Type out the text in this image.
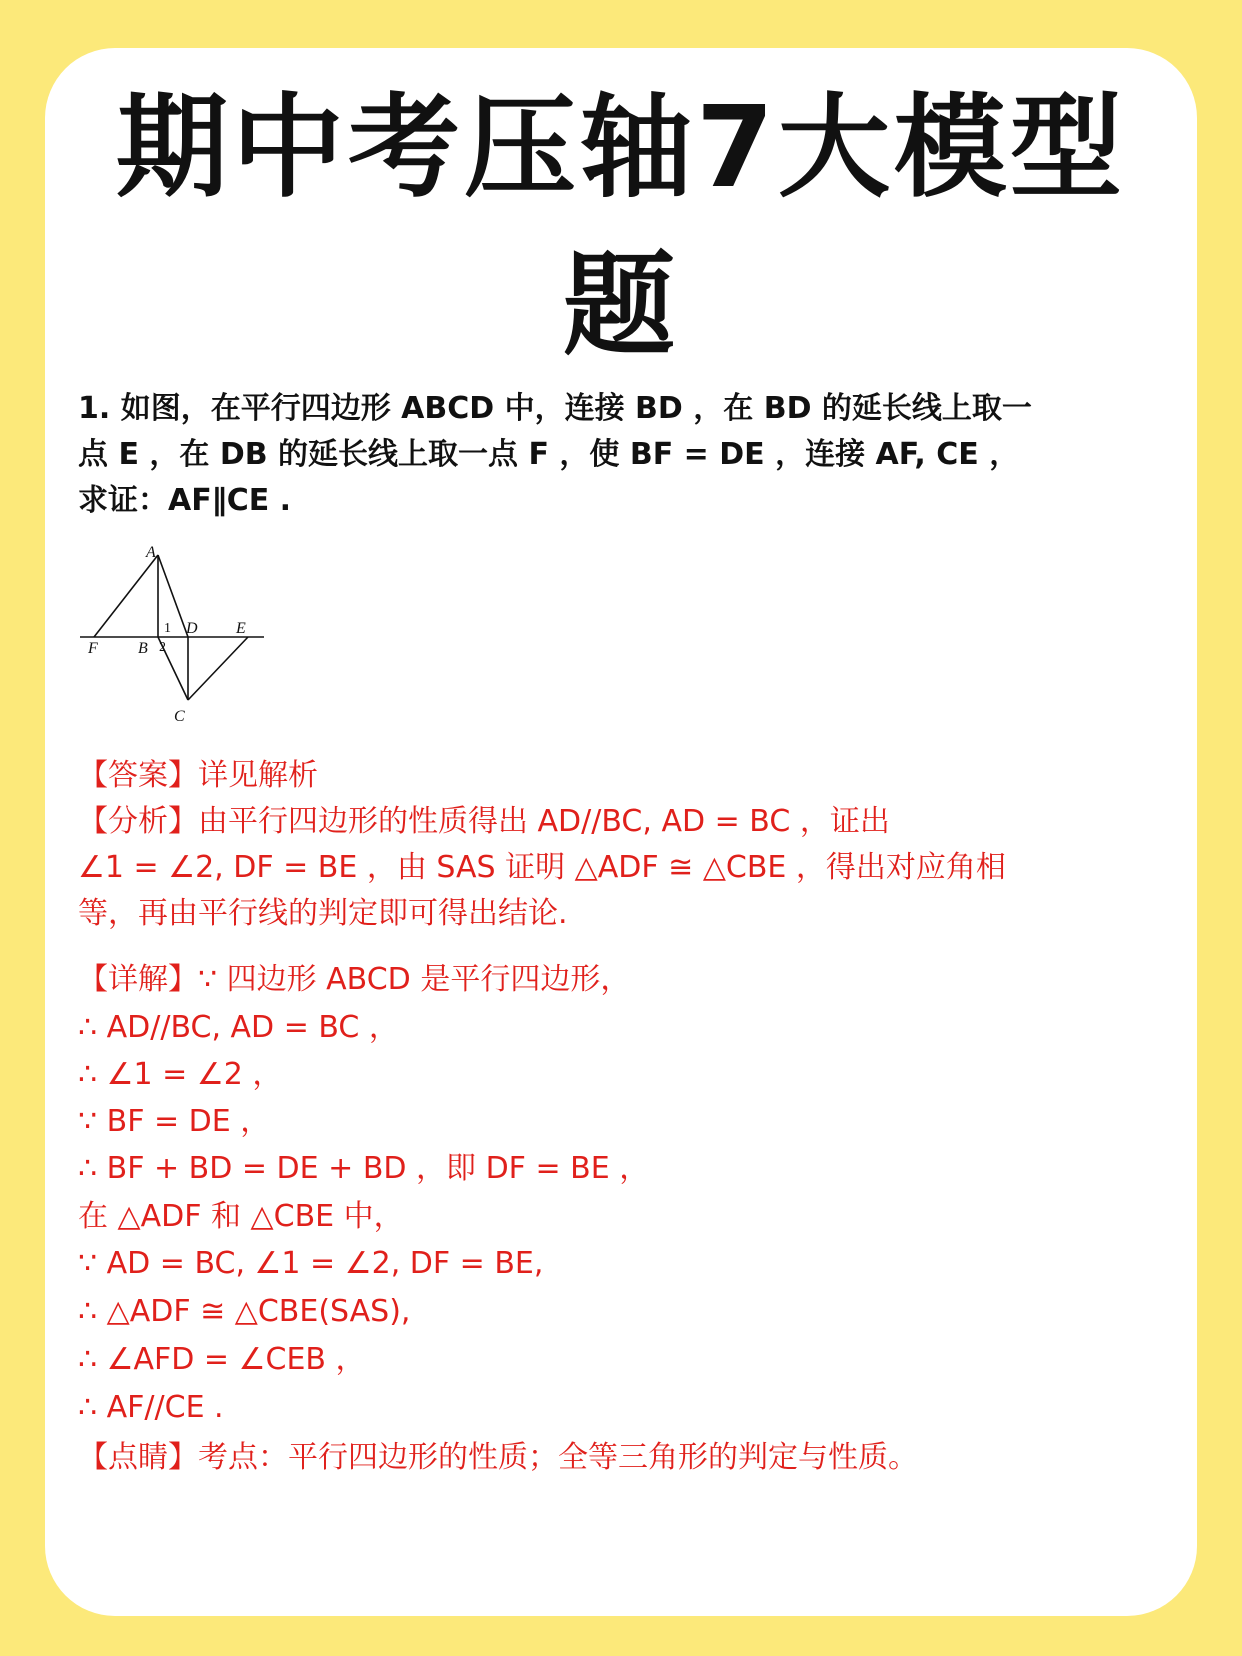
期中考压轴7大模型
题
1. 如图，在平行四边形 ABCD 中，连接 BD ，在 BD 的延长线上取一
点 E ，在 DB 的延长线上取一点 F ，使 BF = DE ，连接 AF, CE ，
求证：AF∥CE .
A
F	B
D E
C
1
2
【答案】详见解析
【分析】由平行四边形的性质得出 AD//BC, AD = BC ，证出
∠1 = ∠2, DF = BE ，由 SAS 证明 △ADF ≅ △CBE ，得出对应角相
等，再由平行线的判定即可得出结论.
【详解】∵ 四边形 ABCD 是平行四边形，
∴ AD//BC, AD = BC ，
∴ ∠1 = ∠2 ，
∵ BF = DE ，
∴ BF + BD = DE + BD ，即 DF = BE ，
在 △ADF 和 △CBE 中，
∵ AD = BC, ∠1 = ∠2, DF = BE,
∴ △ADF ≅ △CBE(SAS),
∴ ∠AFD = ∠CEB ，
∴ AF//CE .
【点睛】考点：平行四边形的性质；全等三角形的判定与性质。
